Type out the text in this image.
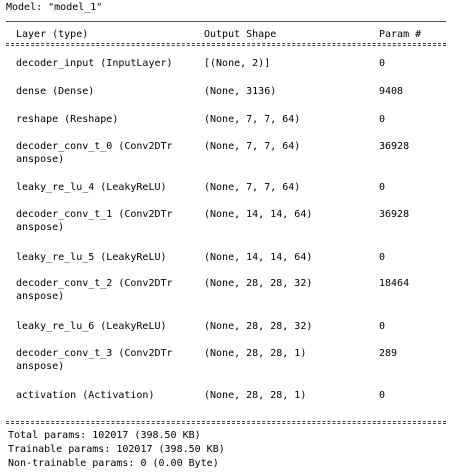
Model: "model_1"
Layer (type)	Output Shape	Param #
decoder_input (InputLayer)	[(None, 2)]	0
dense (Dense)	(None, 3136)	9408
reshape (Reshape)	(None, 7, 7, 64)	0
decoder_conv_t_0 (Conv2DTr
anspose)
(None, 7, 7, 64)	36928
leaky_re_lu_4 (LeakyReLU)	(None, 7, 7, 64)	0
decoder_conv_t_1 (Conv2DTr
anspose)
(None, 14, 14, 64)	36928
leaky_re_lu_5 (LeakyReLU)	(None, 14, 14, 64)	0
decoder_conv_t_2 (Conv2DTr
anspose)
(None, 28, 28, 32)	18464
leaky_re_lu_6 (LeakyReLU)	(None, 28, 28, 32)	0
decoder_conv_t_3 (Conv2DTr
anspose)
(None, 28, 28, 1)	289
activation (Activation)	(None, 28, 28, 1)	0
Total params: 102017 (398.50 KB)
Trainable params: 102017 (398.50 KB)
Non-trainable params: 0 (0.00 Byte)
